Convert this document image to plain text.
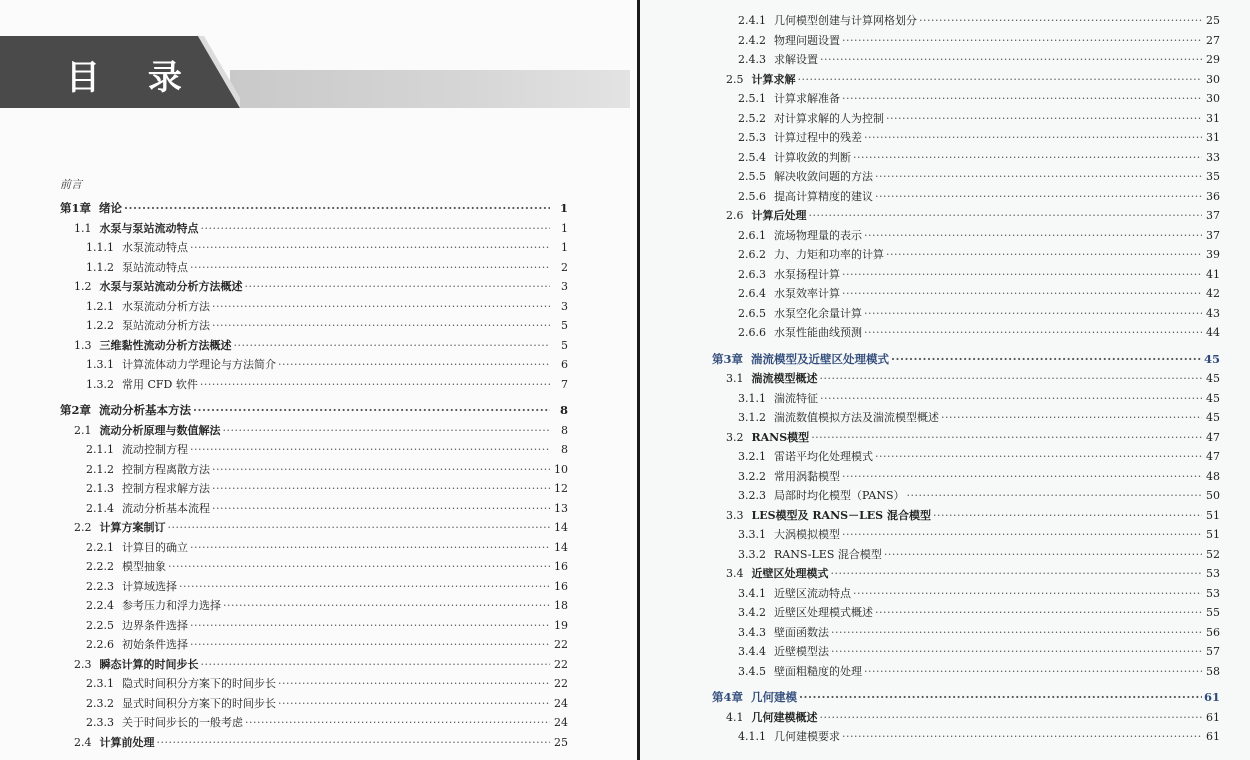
目 录
前言
第1章 绪论 ·····	1
1.1 水泵与泵站流动特点 ·····	1
1.1.1 水泵流动特点 ·····	1
1.1.2 泵站流动特点 ·····	2
1.2 水泵与泵站流动分析方法概述 ·····	3
1.2.1 水泵流动分析方法 ·····	3
1.2.2 泵站流动分析方法 ·····	5
1.3 三维黏性流动分析方法概述 ·····	5
1.3.1 计算流体动力学理论与方法简介 ·····	6
1.3.2 常用 CFD 软件 ·····	7
第2章 流动分析基本方法 ·····	8
2.1 流动分析原理与数值解法 ·····	8
2.1.1 流动控制方程 ·····	8
2.1.2 控制方程离散方法 ·····	10
2.1.3 控制方程求解方法 ·····	12
2.1.4 流动分析基本流程 ·····	13
2.2 计算方案制订 ·····	14
2.2.1 计算目的确立 ·····	14
2.2.2 模型抽象 ·····	16
2.2.3 计算域选择 ·····	16
2.2.4 参考压力和浮力选择 ·····	18
2.2.5 边界条件选择 ·····	19
2.2.6 初始条件选择 ·····	22
2.3 瞬态计算的时间步长 ·····	22
2.3.1 隐式时间积分方案下的时间步长 ·····	22
2.3.2 显式时间积分方案下的时间步长 ·····	24
2.3.3 关于时间步长的一般考虑 ·····	24
2.4 计算前处理 ·····	25
2.4.1 几何模型创建与计算网格划分 ·····	25
2.4.2 物理问题设置 ·····	27
2.4.3 求解设置 ·····	29
2.5 计算求解 ·····	30
2.5.1 计算求解准备 ·····	30
2.5.2 对计算求解的人为控制 ·····	31
2.5.3 计算过程中的残差 ·····	31
2.5.4 计算收敛的判断 ·····	33
2.5.5 解决收敛问题的方法 ·····	35
2.5.6 提高计算精度的建议 ·····	36
2.6 计算后处理 ·····	37
2.6.1 流场物理量的表示 ·····	37
2.6.2 力、力矩和功率的计算 ·····	39
2.6.3 水泵扬程计算 ·····	41
2.6.4 水泵效率计算 ·····	42
2.6.5 水泵空化余量计算 ·····	43
2.6.6 水泵性能曲线预测 ·····	44
第3章 湍流模型及近壁区处理模式 ·····	45
3.1 湍流模型概述 ·····	45
3.1.1 湍流特征 ·····	45
3.1.2 湍流数值模拟方法及湍流模型概述 ·····	45
3.2 RANS模型 ·····	47
3.2.1 雷诺平均化处理模式 ·····	47
3.2.2 常用涡黏模型 ·····	48
3.2.3 局部时均化模型（PANS） ·····	50
3.3 LES模型及 RANS－LES 混合模型 ·····	51
3.3.1 大涡模拟模型 ·····	51
3.3.2 RANS-LES 混合模型 ·····	52
3.4 近壁区处理模式 ·····	53
3.4.1 近壁区流动特点 ·····	53
3.4.2 近壁区处理模式概述 ·····	55
3.4.3 壁面函数法 ·····	56
3.4.4 近壁模型法 ·····	57
3.4.5 壁面粗糙度的处理 ·····	58
第4章 几何建模 ·····	61
4.1 几何建模概述 ·····	61
4.1.1 几何建模要求 ·····	61
